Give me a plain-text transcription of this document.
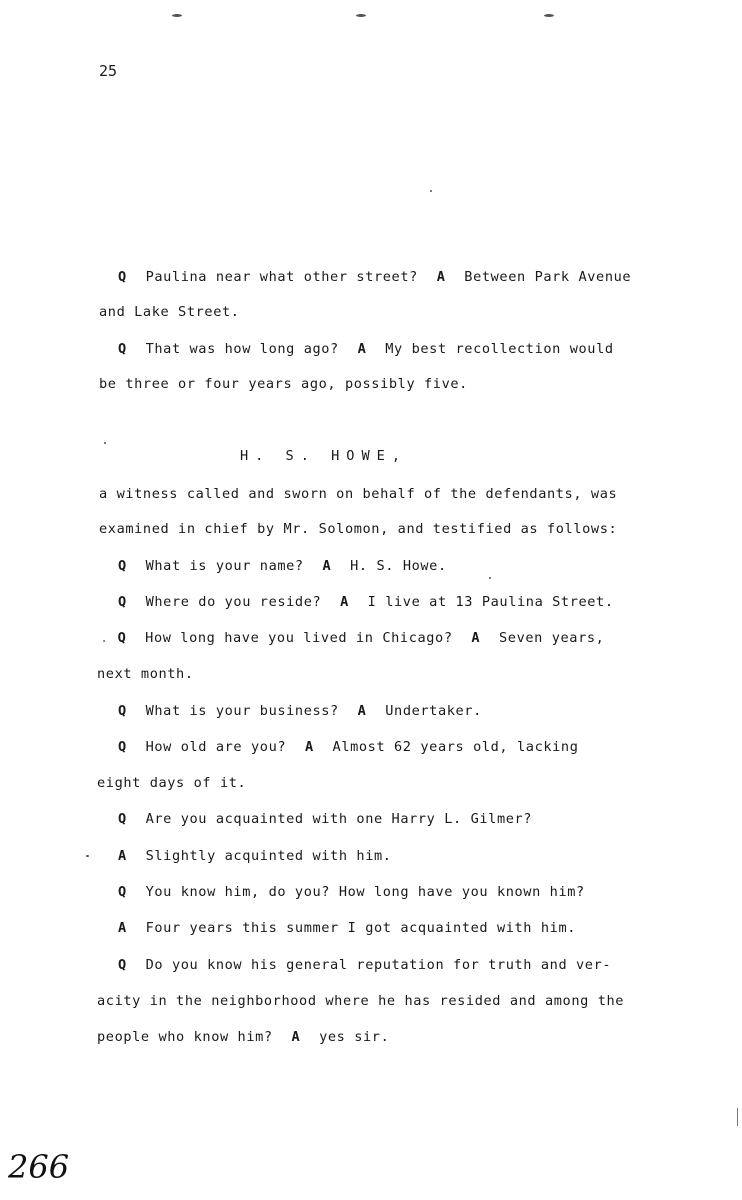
25
Q Paulina near what other street? A Between Park Avenue
and Lake Street.
Q That was how long ago? A My best recollection would
be three or four years ago, possibly five.
H. S. HOWE,
a witness called and sworn on behalf of the defendants, was
examined in chief by Mr. Solomon, and testified as follows:
Q What is your name? A H. S. Howe.
Q Where do you reside? A I live at 13 Paulina Street.
. Q How long have you lived in Chicago? A Seven years,
next month.
Q What is your business? A Undertaker.
Q How old are you? A Almost 62 years old, lacking
eight days of it.
Q Are you acquainted with one Harry L. Gilmer?
A Slightly acquinted with him.
Q You know him, do you? How long have you known him?
A Four years this summer I got acquainted with him.
Q Do you know his general reputation for truth and ver-
acity in the neighborhood where he has resided and among the
people who know him? A yes sir.
266
